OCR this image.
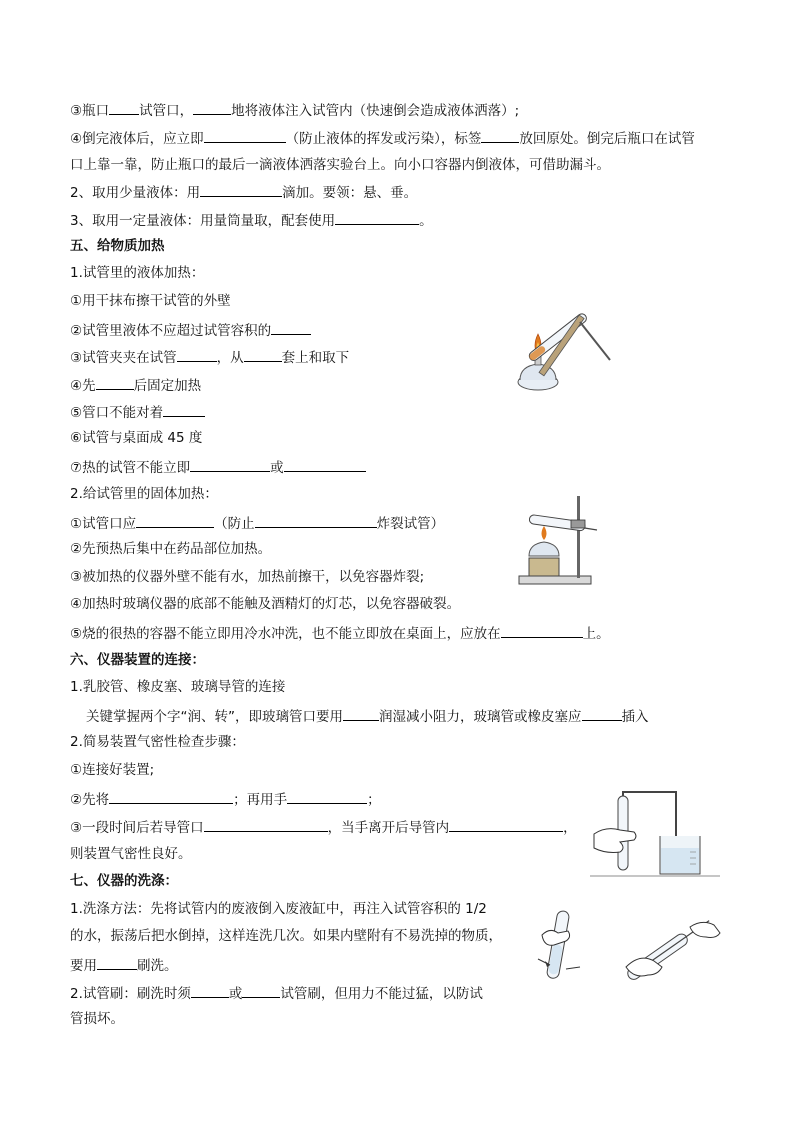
③瓶口 试管口，	地将液体注入试管内（快速倒会造成液体洒落）;
④倒完液体后，应立即	（防止液体的挥发或污染），标签	放回原处。倒完后瓶口在试管
口上靠一靠，防止瓶口的最后一滴液体洒落实验台上。向小口容器内倒液体，可借助漏斗。
2、取用少量液体：用	滴加。要领：悬、垂。
3、取用一定量液体：用量筒量取，配套使用	。
五、给物质加热
1.试管里的液体加热：
①用干抹布擦干试管的外壁
②试管里液体不应超过试管容积的
③试管夹夹在试管	，从	套上和取下
④先	后固定加热
⑤管口不能对着
⑥试管与桌面成 45 度
⑦热的试管不能立即	或
2.给试管里的固体加热：
①试管口应	（防止	炸裂试管）
②先预热后集中在药品部位加热。
③被加热的仪器外壁不能有水，加热前擦干，以免容器炸裂;
④加热时玻璃仪器的底部不能触及酒精灯的灯芯，以免容器破裂。
⑤烧的很热的容器不能立即用冷水冲洗，也不能立即放在桌面上，应放在	上。
六、仪器装置的连接：
1.乳胶管、橡皮塞、玻璃导管的连接
关键掌握两个字“润、转”，即玻璃管口要用	润湿减小阻力，玻璃管或橡皮塞应	插入
2.简易装置气密性检查步骤：
①连接好装置;
②先将	；再用手	；
③一段时间后若导管口	，当手离开后导管内	，
则装置气密性良好。
七、仪器的洗涤：
1.洗涤方法：先将试管内的废液倒入废液缸中，再注入试管容积的 1/2
的水，振荡后把水倒掉，这样连洗几次。如果内壁附有不易洗掉的物质，
要用	刷洗。
2.试管刷：刷洗时须	或	试管刷，但用力不能过猛，以防试
管损坏。
